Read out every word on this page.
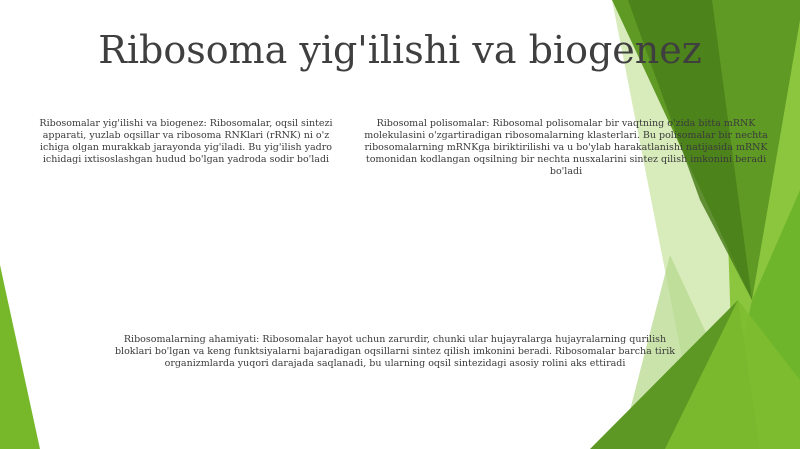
Ribosoma yig'ilishi va biogenez
Ribosomalar yig'ilishi va biogenez: Ribosomalar, oqsil sintezi apparati, yuzlab oqsillar va ribosoma RNKlari (rRNK) ni o'z ichiga olgan murakkab jarayonda yig'iladi. Bu yig'ilish yadro ichidagi ixtisoslashgan hudud bo'lgan yadroda sodir bo'ladi
Ribosomal polisomalar: Ribosomal polisomalar bir vaqtning o'zida bitta mRNK molekulasini o'zgartiradigan ribosomalarning klasterlari. Bu polisomalar bir nechta ribosomalarning mRNKga biriktirilishi va u bo'ylab harakatlanishi natijasida mRNK tomonidan kodlangan oqsilning bir nechta nusxalarini sintez qilish imkonini beradi bo'ladi
Ribosomalarning ahamiyati: Ribosomalar hayot uchun zarurdir, chunki ular hujayralarga hujayralarning qurilish bloklari bo'lgan va keng funktsiyalarni bajaradigan oqsillarni sintez qilish imkonini beradi. Ribosomalar barcha tirik organizmlarda yuqori darajada saqlanadi, bu ularning oqsil sintezidagi asosiy rolini aks ettiradi
